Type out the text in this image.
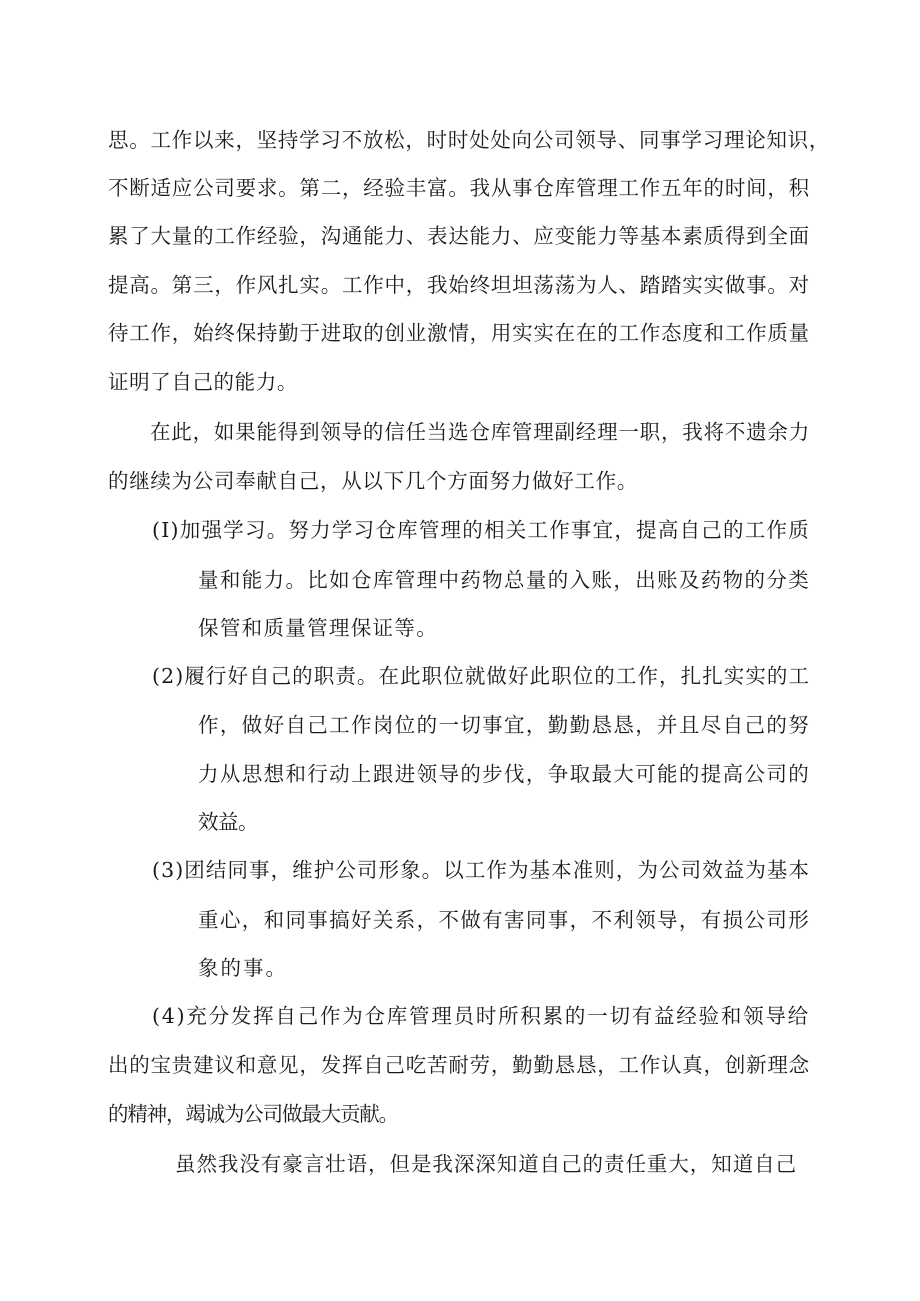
思。工作以来，坚持学习不放松，时时处处向公司领导、同事学习理论知识，
不断适应公司要求。第二，经验丰富。我从事仓库管理工作五年的时间，积
累了大量的工作经验，沟通能力、表达能力、应变能力等基本素质得到全面
提高。第三，作风扎实。工作中，我始终坦坦荡荡为人、踏踏实实做事。对
待工作，始终保持勤于进取的创业激情，用实实在在的工作态度和工作质量
证明了自己的能力。
在此，如果能得到领导的信任当选仓库管理副经理一职，我将不遗余力
的继续为公司奉献自己，从以下几个方面努力做好工作。
(I)加强学习。努力学习仓库管理的相关工作事宜，提高自己的工作质
量和能力。比如仓库管理中药物总量的入账，出账及药物的分类
保管和质量管理保证等。
(2)履行好自己的职责。在此职位就做好此职位的工作，扎扎实实的工
作，做好自己工作岗位的一切事宜，勤勤恳恳，并且尽自己的努
力从思想和行动上跟进领导的步伐，争取最大可能的提高公司的
效益。
(3)团结同事，维护公司形象。以工作为基本准则，为公司效益为基本
重心，和同事搞好关系，不做有害同事，不利领导，有损公司形
象的事。
(4)充分发挥自己作为仓库管理员时所积累的一切有益经验和领导给
出的宝贵建议和意见，发挥自己吃苦耐劳，勤勤恳恳，工作认真，创新理念
的精神，竭诚为公司做最大贡献。
虽然我没有豪言壮语，但是我深深知道自己的责任重大，知道自己
